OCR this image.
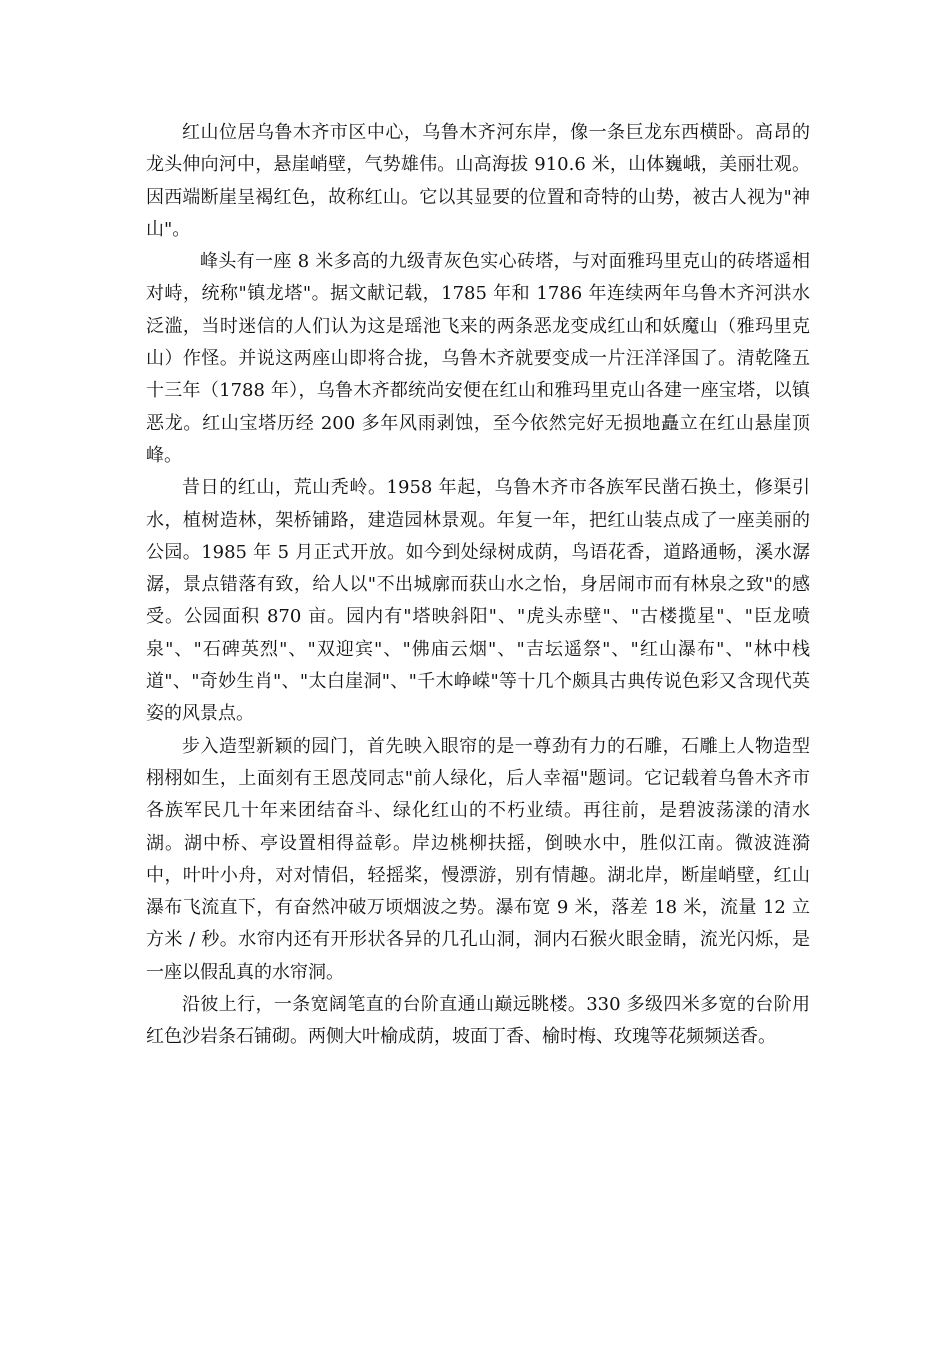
红山位居乌鲁木齐市区中心，乌鲁木齐河东岸，像一条巨龙东西横卧。高昂的龙头伸向河中，悬崖峭壁，气势雄伟。山高海拔 910.6 米，山体巍峨，美丽壮观。因西端断崖呈褐红色，故称红山。它以其显要的位置和奇特的山势，被古人视为"神山"。

峰头有一座 8 米多高的九级青灰色实心砖塔，与对面雅玛里克山的砖塔遥相对峙，统称"镇龙塔"。据文献记载，1785 年和 1786 年连续两年乌鲁木齐河洪水泛滥，当时迷信的人们认为这是瑶池飞来的两条恶龙变成红山和妖魔山（雅玛里克山）作怪。并说这两座山即将合拢，乌鲁木齐就要变成一片汪洋泽国了。清乾隆五十三年（1788 年），乌鲁木齐都统尚安便在红山和雅玛里克山各建一座宝塔，以镇恶龙。红山宝塔历经 200 多年风雨剥蚀，至今依然完好无损地矗立在红山悬崖顶峰。

昔日的红山，荒山秃岭。1958 年起，乌鲁木齐市各族军民凿石换土，修渠引水，植树造林，架桥铺路，建造园林景观。年复一年，把红山装点成了一座美丽的公园。1985 年 5 月正式开放。如今到处绿树成荫，鸟语花香，道路通畅，溪水潺潺，景点错落有致，给人以"不出城廓而获山水之怡，身居闹市而有林泉之致"的感受。公园面积 870 亩。园内有"塔映斜阳"、"虎头赤壁"、"古楼揽星"、"臣龙喷泉"、"石碑英烈"、"双迎宾"、"佛庙云烟"、"吉坛遥祭"、"红山瀑布"、"林中栈道"、"奇妙生肖"、"太白崖洞"、"千木峥嵘"等十几个颇具古典传说色彩又含现代英姿的风景点。

步入造型新颖的园门，首先映入眼帘的是一尊劲有力的石雕，石雕上人物造型栩栩如生，上面刻有王恩茂同志"前人绿化，后人幸福"题词。它记载着乌鲁木齐市各族军民几十年来团结奋斗、绿化红山的不朽业绩。再往前，是碧波荡漾的清水湖。湖中桥、亭设置相得益彰。岸边桃柳扶摇，倒映水中，胜似江南。微波涟漪中，叶叶小舟，对对情侣，轻摇桨，慢漂游，别有情趣。湖北岸，断崖峭壁，红山瀑布飞流直下，有奋然冲破万顷烟波之势。瀑布宽 9 米，落差 18 米，流量 12 立方米 / 秒。水帘内还有开形状各异的几孔山洞，洞内石猴火眼金睛，流光闪烁，是一座以假乱真的水帘洞。

沿彼上行，一条宽阔笔直的台阶直通山巅远眺楼。330 多级四米多宽的台阶用红色沙岩条石铺砌。两侧大叶榆成荫，坡面丁香、榆时梅、玫瑰等花频频送香。
